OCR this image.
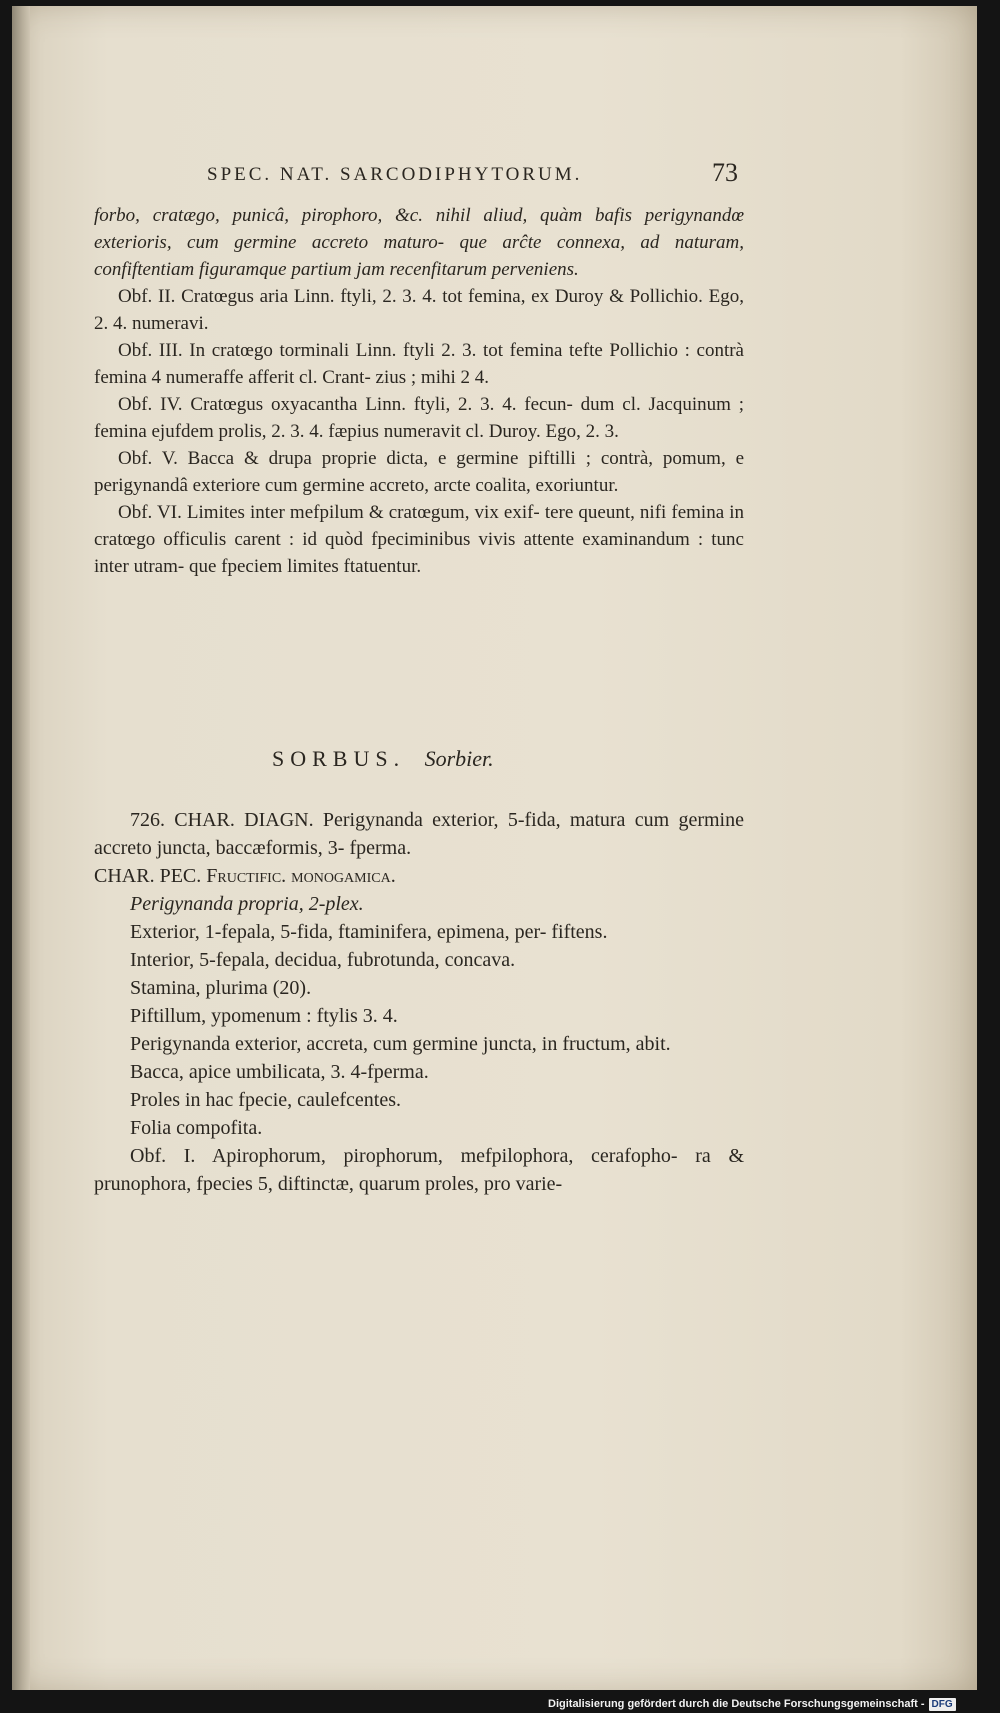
SPEC. NAT. SARCODIPHYTORUM.	73

forbo, cratægo, punicâ, pirophoro, &c. nihil aliud, quàm bafis perigynandœ exterioris, cum germine accreto maturo- que arĉte connexa, ad naturam, confiftentiam figuramque partium jam recenfitarum perveniens.

Obf. II. Cratœgus aria Linn. ftyli, 2. 3. 4. tot femina, ex Duroy & Pollichio. Ego, 2. 4. numeravi.

Obf. III. In cratœgo torminali Linn. ftyli 2. 3. tot femina tefte Pollichio : contrà femina 4 numeraffe afferit cl. Crant- zius ; mihi 2 4.

Obf. IV. Cratœgus oxyacantha Linn. ftyli, 2. 3. 4. fecun- dum cl. Jacquinum ; femina ejufdem prolis, 2. 3. 4. fæpius numeravit cl. Duroy. Ego, 2. 3.

Obf. V. Bacca & drupa proprie dicta, e germine piftilli ; contrà, pomum, e perigynandâ exteriore cum germine accreto, arcte coalita, exoriuntur.

Obf. VI. Limites inter mefpilum & cratœgum, vix exif- tere queunt, nifi femina in cratœgo officulis carent : id quòd fpeciminibus vivis attente examinandum : tunc inter utram- que fpeciem limites ftatuentur.

SORBUS. Sorbier.

726. CHAR. DIAGN. Perigynanda exterior, 5-fida, matura cum germine accreto juncta, baccæformis, 3- fperma.

CHAR. PEC. Fructific. monogamica.

Perigynanda propria, 2-plex.

Exterior, 1-fepala, 5-fida, ftaminifera, epimena, per- fiftens.

Interior, 5-fepala, decidua, fubrotunda, concava.

Stamina, plurima (20).

Piftillum, ypomenum : ftylis 3. 4.

Perigynanda exterior, accreta, cum germine juncta, in fructum, abit.

Bacca, apice umbilicata, 3. 4-fperma.

Proles in hac fpecie, caulefcentes.

Folia compofita.

Obf. I. Apirophorum, pirophorum, mefpilophora, cerafopho- ra & prunophora, fpecies 5, diftinctæ, quarum proles, pro varie-

Digitalisierung gefördert durch die Deutsche Forschungsgemeinschaft - DFG
